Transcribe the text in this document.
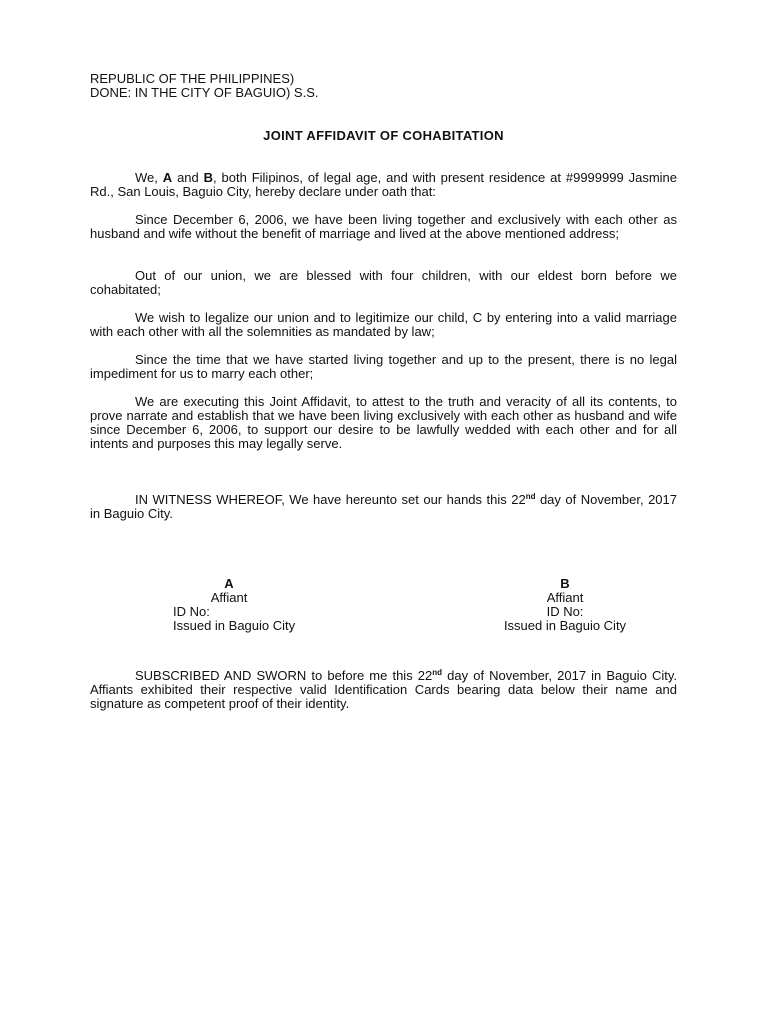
REPUBLIC OF THE PHILIPPINES)
DONE: IN THE CITY OF BAGUIO) S.S.
JOINT AFFIDAVIT OF COHABITATION

We, A and B, both Filipinos, of legal age, and with present residence at #9999999 Jasmine Rd., San Louis, Baguio City, hereby declare under oath that:

Since December 6, 2006, we have been living together and exclusively with each other as husband and wife without the benefit of marriage and lived at the above mentioned address;

Out of our union, we are blessed with four children, with our eldest born before we cohabitated;

We wish to legalize our union and to legitimize our child, C by entering into a valid marriage with each other with all the solemnities as mandated by law;

Since the time that we have started living together and up to the present, there is no legal impediment for us to marry each other;

We are executing this Joint Affidavit, to attest to the truth and veracity of all its contents, to prove narrate and establish that we have been living exclusively with each other as husband and wife since December 6, 2006, to support our desire to be lawfully wedded with each other and for all intents and purposes this may legally serve.

IN WITNESS WHEREOF, We have hereunto set our hands this 22nd day of November, 2017 in Baguio City.

A
Affiant
ID No:
Issued in Baguio City
B
Affiant
ID No:
Issued in Baguio City

SUBSCRIBED AND SWORN to before me this 22nd day of November, 2017 in Baguio City. Affiants exhibited their respective valid Identification Cards bearing data below their name and signature as competent proof of their identity.
